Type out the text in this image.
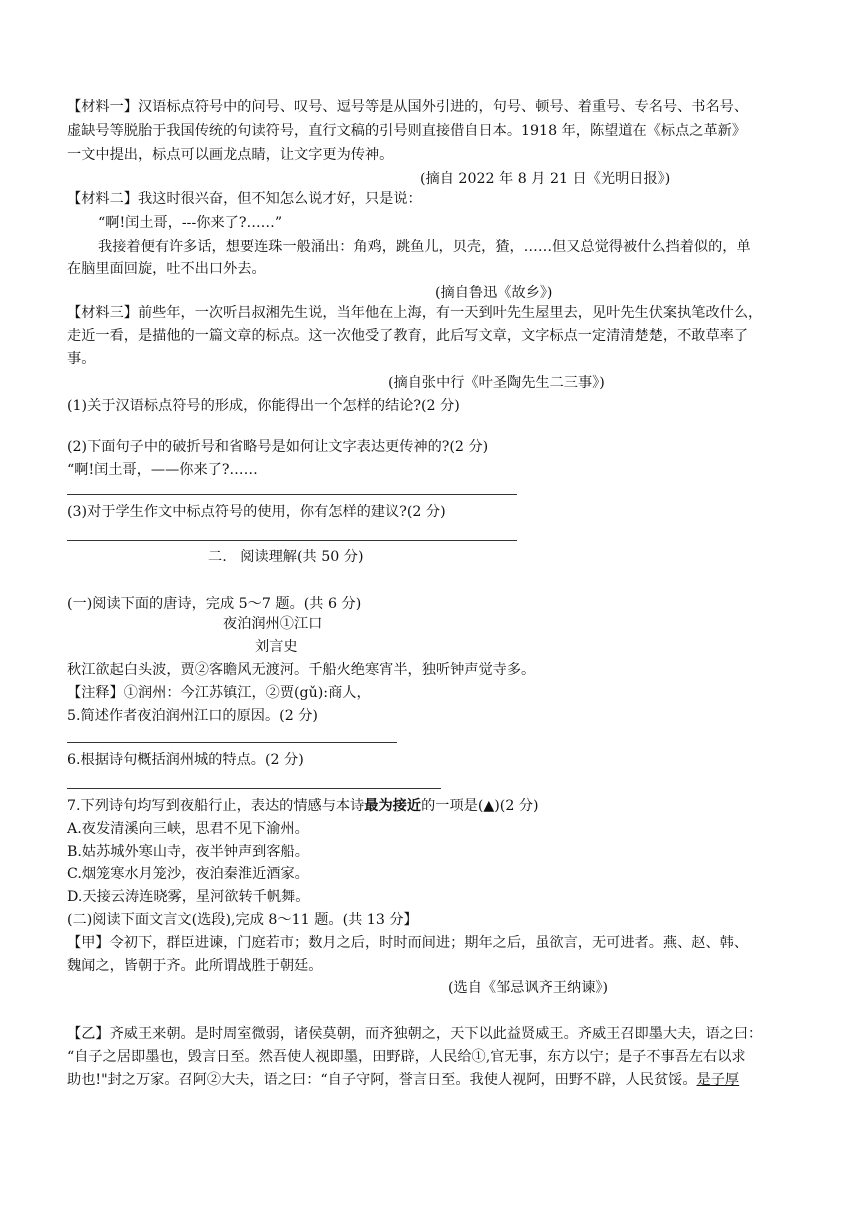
【材料一】汉语标点符号中的问号、叹号、逗号等是从国外引进的，句号、顿号、着重号、专名号、书名号、
虚缺号等脱胎于我国传统的句读符号，直行文稿的引号则直接借自日本。1918 年，陈望道在《标点之革新》
一文中提出，标点可以画龙点睛，让文字更为传神。
(摘自 2022 年 8 月 21 日《光明日报》)
【材料二】我这时很兴奋，但不知怎么说才好，只是说：
“啊!闰土哥，---你来了?……”
我接着便有许多话，想要连珠一般涌出：角鸡，跳鱼儿，贝壳，猹，……但又总觉得被什么挡着似的，单
在脑里面回旋，吐不出口外去。
(摘自鲁迅《故乡》)
【材料三】前些年，一次听吕叔湘先生说，当年他在上海，有一天到叶先生屋里去，见叶先生伏案执笔改什么，
走近一看，是描他的一篇文章的标点。这一次他受了教育，此后写文章，文字标点一定清清楚楚，不敢草率了
事。
(摘自张中行《叶圣陶先生二三事》)
(1)关于汉语标点符号的形成，你能得出一个怎样的结论?(2 分)
(2)下面句子中的破折号和省略号是如何让文字表达更传神的?(2 分)
“啊!闰土哥，——你来了?……
(3)对于学生作文中标点符号的使用，你有怎样的建议?(2 分)
二.   阅读理解(共 50 分)
(一)阅读下面的唐诗，完成 5～7 题。(共 6 分)
夜泊润州①江口
刘言史
秋江欲起白头波，贾②客瞻风无渡河。千船火绝寒宵半，独听钟声觉寺多。
【注释】①润州：今江苏镇江，②贾(gǔ):商人，
5.简述作者夜泊润州江口的原因。(2 分)
6.根据诗句概括润州城的特点。(2 分)
7.下列诗句均写到夜船行止，表达的情感与本诗最为接近的一项是(▲)(2 分)
A.夜发清溪向三峡，思君不见下渝州。
B.姑苏城外寒山寺，夜半钟声到客船。
C.烟笼寒水月笼沙，夜泊秦淮近酒家。
D.天接云涛连晓雾，星河欲转千帆舞。
(二)阅读下面文言文(选段),完成 8～11 题。(共 13 分】
【甲】令初下，群臣进谏，门庭若市；数月之后，时时而间进；期年之后，虽欲言，无可进者。燕、赵、韩、
魏闻之，皆朝于齐。此所谓战胜于朝廷。
(选自《邹忌讽齐王纳谏》)
【乙】齐威王来朝。是时周室微弱，诸侯莫朝，而齐独朝之，天下以此益贤威王。齐威王召即墨大夫，语之曰：
“自子之居即墨也，毁言日至。然吾使人视即墨，田野辟，人民给①,官无事，东方以宁；是子不事吾左右以求
助也!"封之万家。召阿②大夫，语之曰：“自子守阿，誉言日至。我使人视阿，田野不辟，人民贫馁。是子厚
